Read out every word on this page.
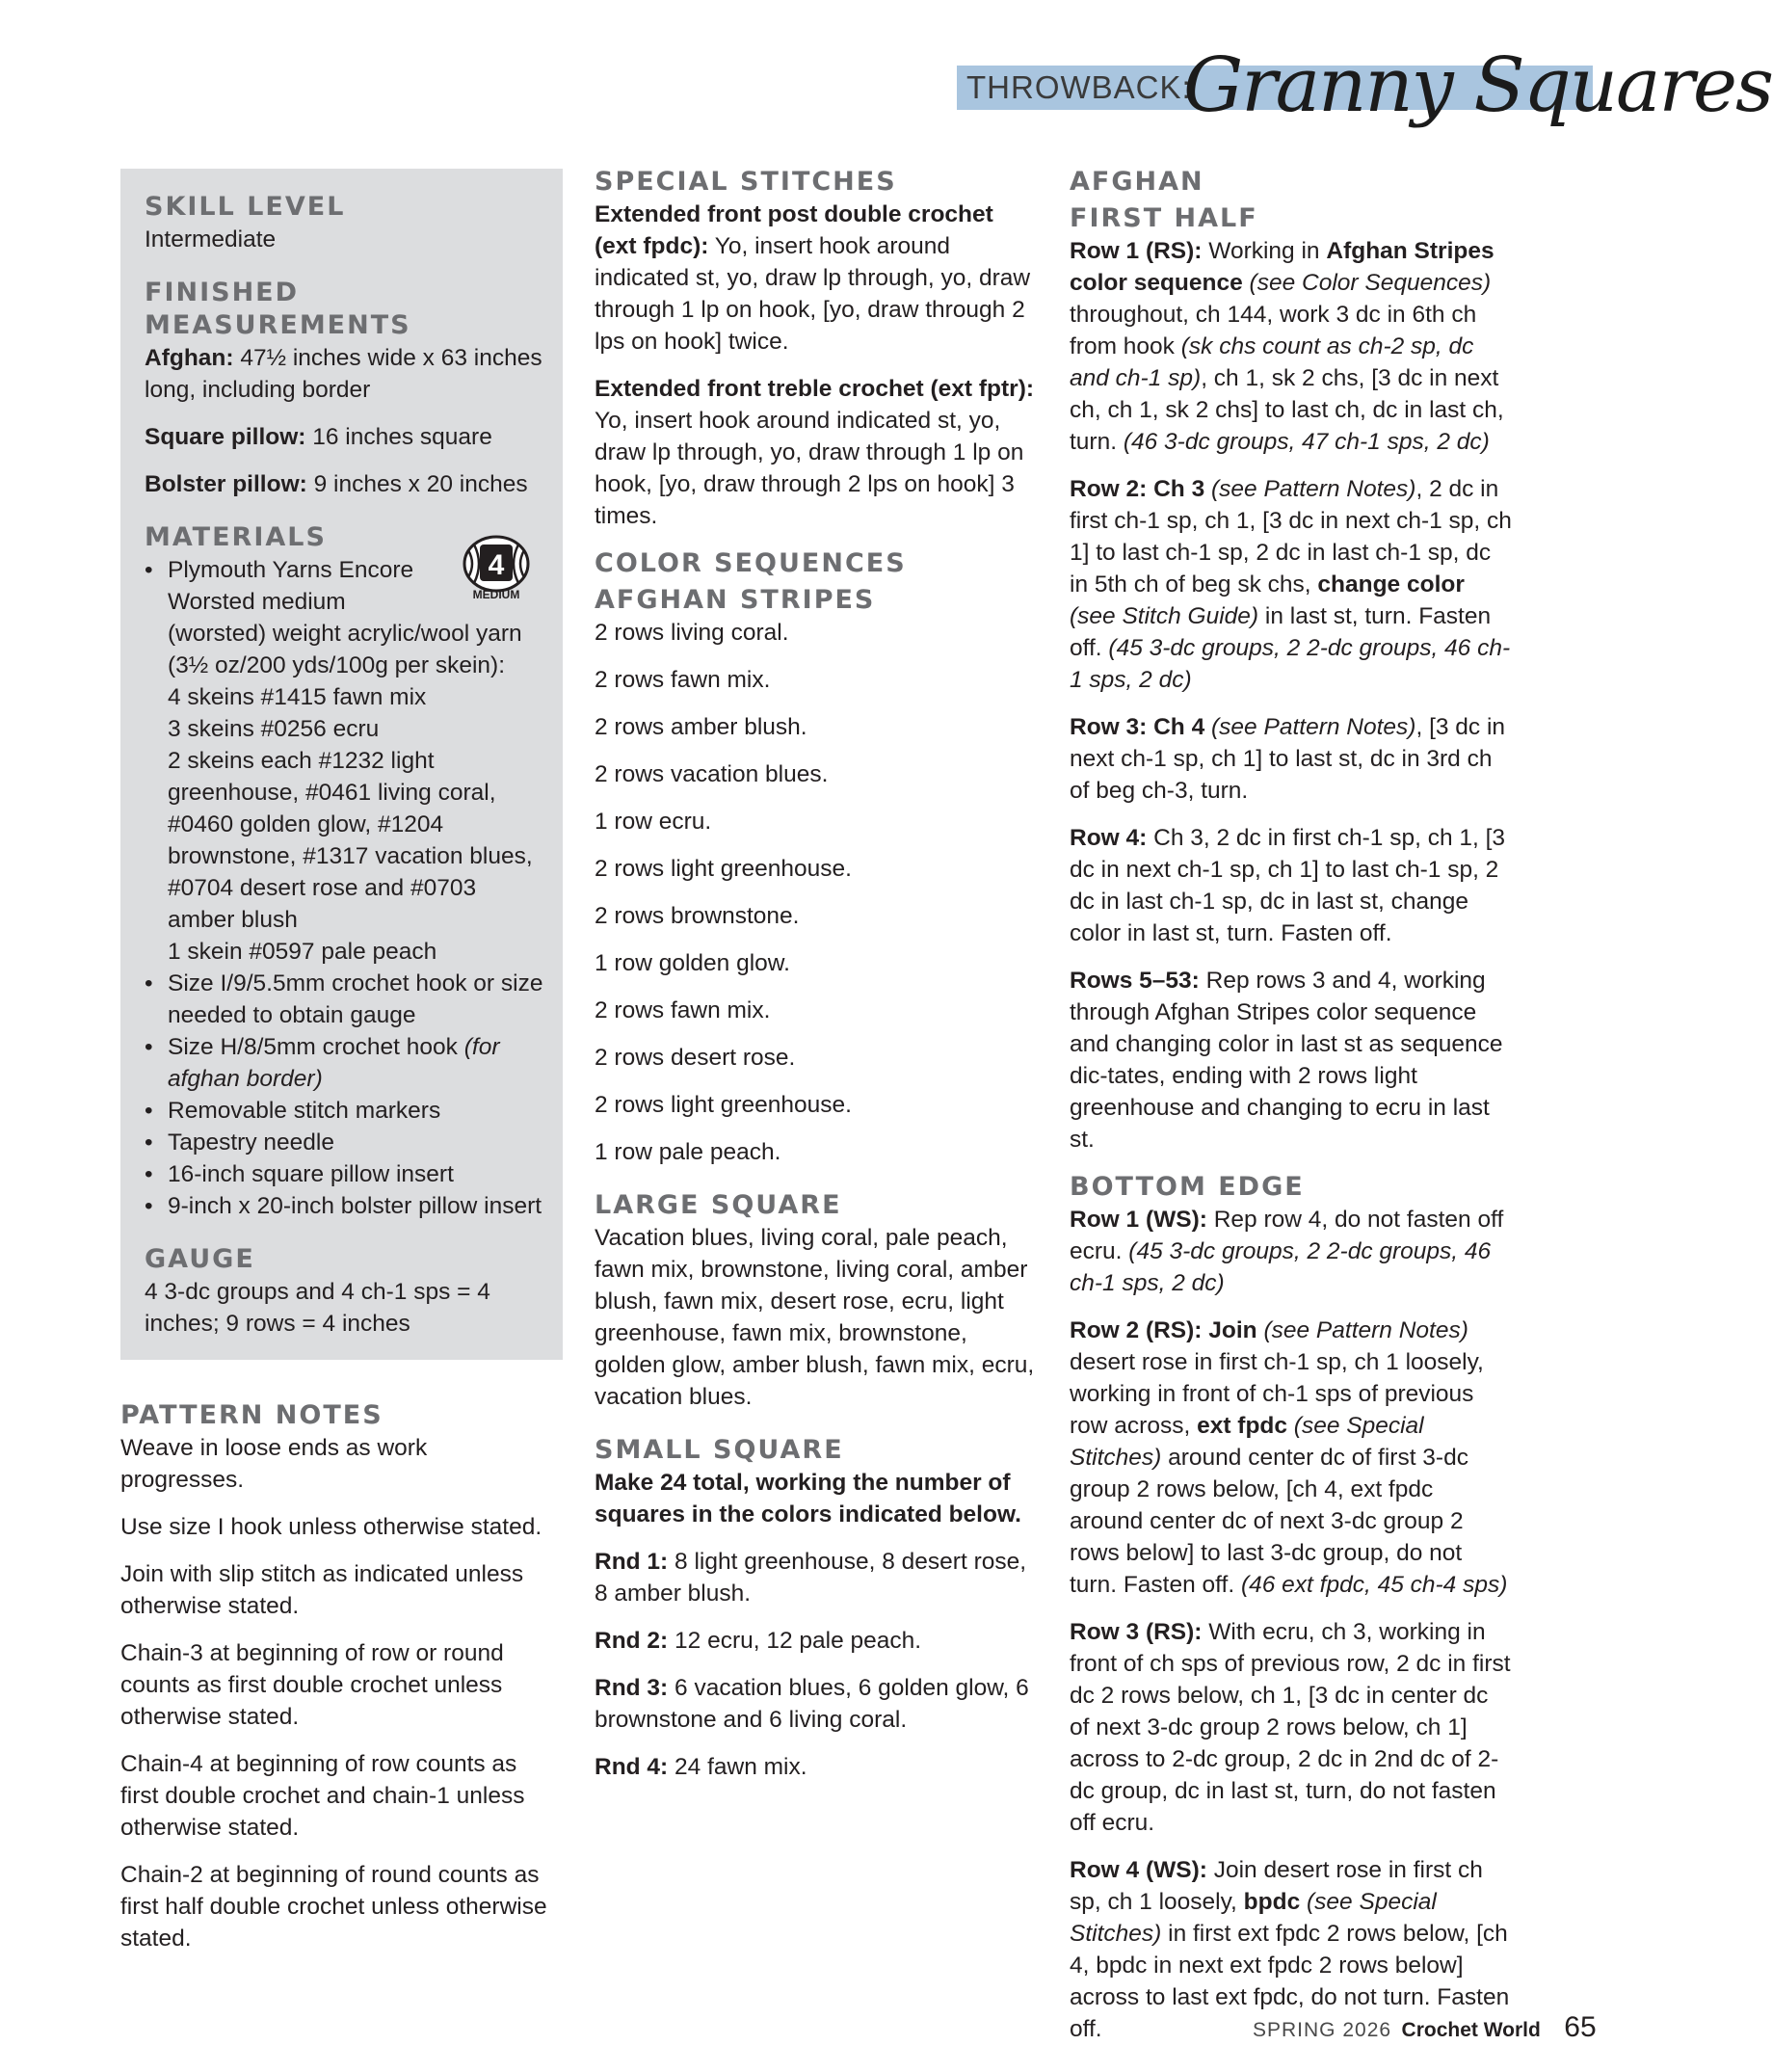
THROWBACK:
Granny Squares
4
MEDIUM
SKILL LEVEL
Intermediate
FINISHED MEASUREMENTS

Afghan: 47½ inches wide x 63 inches long, including border

Square pillow: 16 inches square

Bolster pillow: 9 inches x 20 inches

MATERIALS
• Plymouth Yarns Encore
Worsted medium
(worsted) weight acrylic/wool yarn (3½ oz/200 yds/100g per skein):
4 skeins #1415 fawn mix
3 skeins #0256 ecru
2 skeins each #1232 light
greenhouse, #0461 living coral, #0460 golden glow, #1204 brownstone, #1317 vacation blues, #0704 desert rose and #0703 amber blush
1 skein #0597 pale peach
• Size I/9/5.5mm crochet hook or size needed to obtain gauge
• Size H/8/5mm crochet hook (for afghan border)
• Removable stitch markers
• Tapestry needle
• 16-inch square pillow insert
• 9-inch x 20-inch bolster pillow insert
GAUGE
4 3-dc groups and 4 ch-1 sps = 4 inches; 9 rows = 4 inches
PATTERN NOTES

Weave in loose ends as work progresses.

Use size I hook unless otherwise stated.

Join with slip stitch as indicated unless otherwise stated.

Chain-3 at beginning of row or round counts as first double crochet unless otherwise stated.

Chain-4 at beginning of row counts as first double crochet and chain-1 unless otherwise stated.

Chain-2 at beginning of round counts as first half double crochet unless otherwise stated.

SPECIAL STITCHES

Extended front post double crochet (ext fpdc): Yo, insert hook around indicated st, yo, draw lp through, yo, draw through 1 lp on hook, [yo, draw through 2 lps on hook] twice.

Extended front treble crochet (ext fptr): Yo, insert hook around indicated st, yo, draw lp through, yo, draw through 1 lp on hook, [yo, draw through 2 lps on hook] 3 times.

COLOR SEQUENCES
AFGHAN STRIPES

2 rows living coral.

2 rows fawn mix.

2 rows amber blush.

2 rows vacation blues.

1 row ecru.

2 rows light greenhouse.

2 rows brownstone.

1 row golden glow.

2 rows fawn mix.

2 rows desert rose.

2 rows light greenhouse.

1 row pale peach.

LARGE SQUARE

Vacation blues, living coral, pale peach, fawn mix, brownstone, living coral, amber blush, fawn mix, desert rose, ecru, light greenhouse, fawn mix, brownstone, golden glow, amber blush, fawn mix, ecru, vacation blues.

SMALL SQUARE

Make 24 total, working the number of squares in the colors indicated below.

Rnd 1: 8 light greenhouse, 8 desert rose, 8 amber blush.

Rnd 2: 12 ecru, 12 pale peach.

Rnd 3: 6 vacation blues, 6 golden glow, 6 brownstone and 6 living coral.

Rnd 4: 24 fawn mix.

AFGHAN
FIRST HALF

Row 1 (RS): Working in Afghan Stripes color sequence (see Color Sequences) throughout, ch 144, work 3 dc in 6th ch from hook (sk chs count as ch-2 sp, dc and ch-1 sp), ch 1, sk 2 chs, [3 dc in next ch, ch 1, sk 2 chs] to last ch, dc in last ch, turn. (46 3-dc groups, 47 ch-1 sps, 2 dc)

Row 2: Ch 3 (see Pattern Notes), 2 dc in first ch-1 sp, ch 1, [3 dc in next ch-1 sp, ch 1] to last ch-1 sp, 2 dc in last ch-1 sp, dc in 5th ch of beg sk chs, change color (see Stitch Guide) in last st, turn. Fasten off. (45 3-dc groups, 2 2-dc groups, 46 ch-1 sps, 2 dc)

Row 3: Ch 4 (see Pattern Notes), [3 dc in next ch-1 sp, ch 1] to last st, dc in 3rd ch of beg ch-3, turn.

Row 4: Ch 3, 2 dc in first ch-1 sp, ch 1, [3 dc in next ch-1 sp, ch 1] to last ch-1 sp, 2 dc in last ch-1 sp, dc in last st, change color in last st, turn. Fasten off.

Rows 5–53: Rep rows 3 and 4, working through Afghan Stripes color sequence and changing color in last st as sequence dic-tates, ending with 2 rows light greenhouse and changing to ecru in last st.

BOTTOM EDGE

Row 1 (WS): Rep row 4, do not fasten off ecru. (45 3-dc groups, 2 2-dc groups, 46 ch-1 sps, 2 dc)

Row 2 (RS): Join (see Pattern Notes) desert rose in first ch-1 sp, ch 1 loosely, working in front of ch-1 sps of previous row across, ext fpdc (see Special Stitches) around center dc of first 3-dc group 2 rows below, [ch 4, ext fpdc around center dc of next 3-dc group 2 rows below] to last 3-dc group, do not turn. Fasten off. (46 ext fpdc, 45 ch-4 sps)

Row 3 (RS): With ecru, ch 3, working in front of ch sps of previous row, 2 dc in first dc 2 rows below, ch 1, [3 dc in center dc of next 3-dc group 2 rows below, ch 1] across to 2-dc group, 2 dc in 2nd dc of 2-dc group, dc in last st, turn, do not fasten off ecru.

Row 4 (WS): Join desert rose in first ch sp, ch 1 loosely, bpdc (see Special Stitches) in first ext fpdc 2 rows below, [ch 4, bpdc in next ext fpdc 2 rows below] across to last ext fpdc, do not turn. Fasten off.	SPRING 2026 Crochet World 65
